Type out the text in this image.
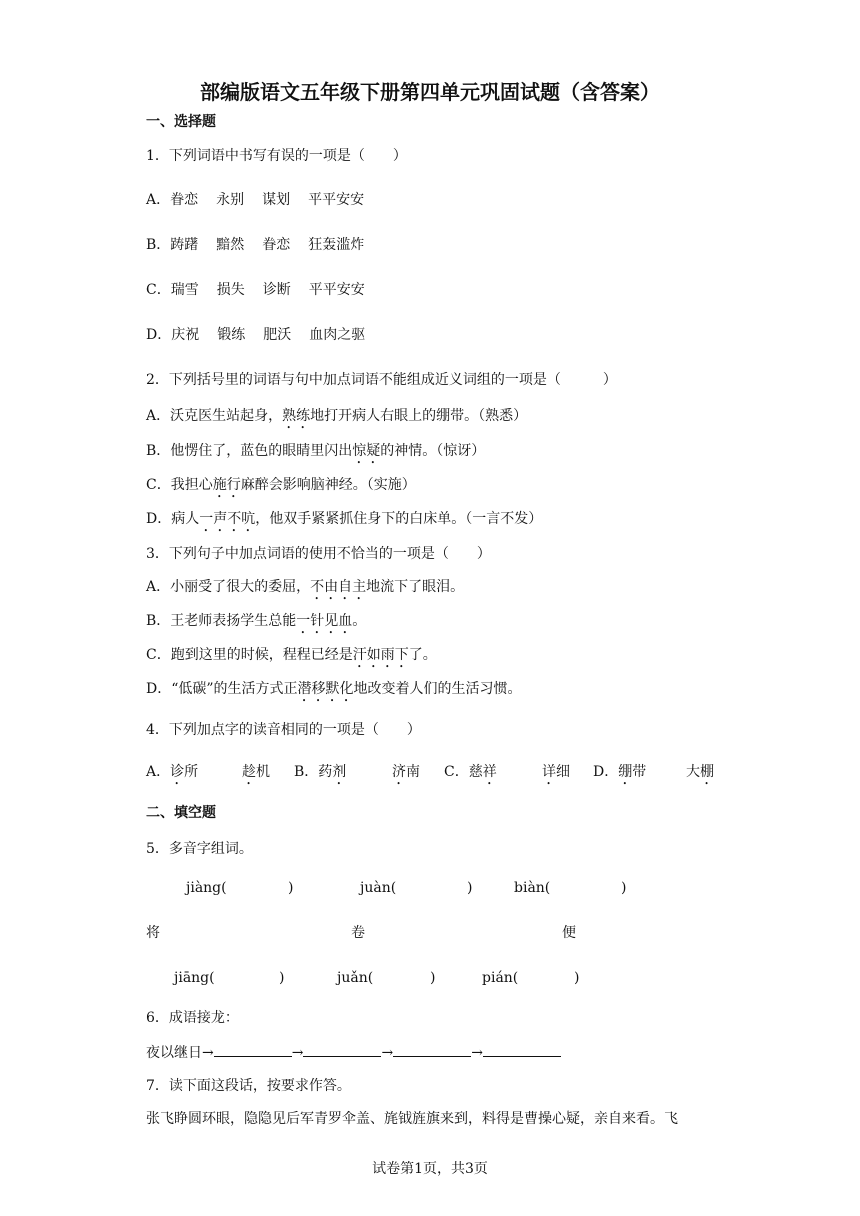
部编版语文五年级下册第四单元巩固试题（含答案）
一、选择题
1．下列词语中书写有误的一项是（　　）
A．眷恋 永别 谋划 平平安安
B．踌躇 黯然 眷恋 狂轰滥炸
C．瑞雪 损失 诊断 平平安安
D．庆祝 锻练 肥沃 血肉之驱
2．下列括号里的词语与句中加点词语不能组成近义词组的一项是（　　　）
A．沃克医生站起身，熟练地打开病人右眼上的绷带。（熟悉）
B．他愣住了，蓝色的眼睛里闪出惊疑的神情。（惊讶）
C．我担心施行麻醉会影响脑神经。（实施）
D．病人一声不吭，他双手紧紧抓住身下的白床单。（一言不发）
3．下列句子中加点词语的使用不恰当的一项是（　　）
A．小丽受了很大的委屈，不由自主地流下了眼泪。
B．王老师表扬学生总能一针见血。
C．跑到这里的时候，程程已经是汗如雨下了。
D．“低碳”的生活方式正潜移默化地改变着人们的生活习惯。
4．下列加点字的读音相同的一项是（　　）
A．诊所	趁机 B．药剂	济南 C．慈祥	详细 D．绷带	大棚
二、填空题
5．多音字组词。
jiàng(	)	juàn(	)	biàn(	)
将	卷	便
jiāng(	)	juǎn(	)	pián(	)
6．成语接龙：
夜以继日→	→	→	→
7．读下面这段话，按要求作答。
张飞睁圆环眼，隐隐见后军青罗伞盖、旄钺旌旗来到，料得是曹操心疑，亲自来看。飞
试卷第1页，共3页
